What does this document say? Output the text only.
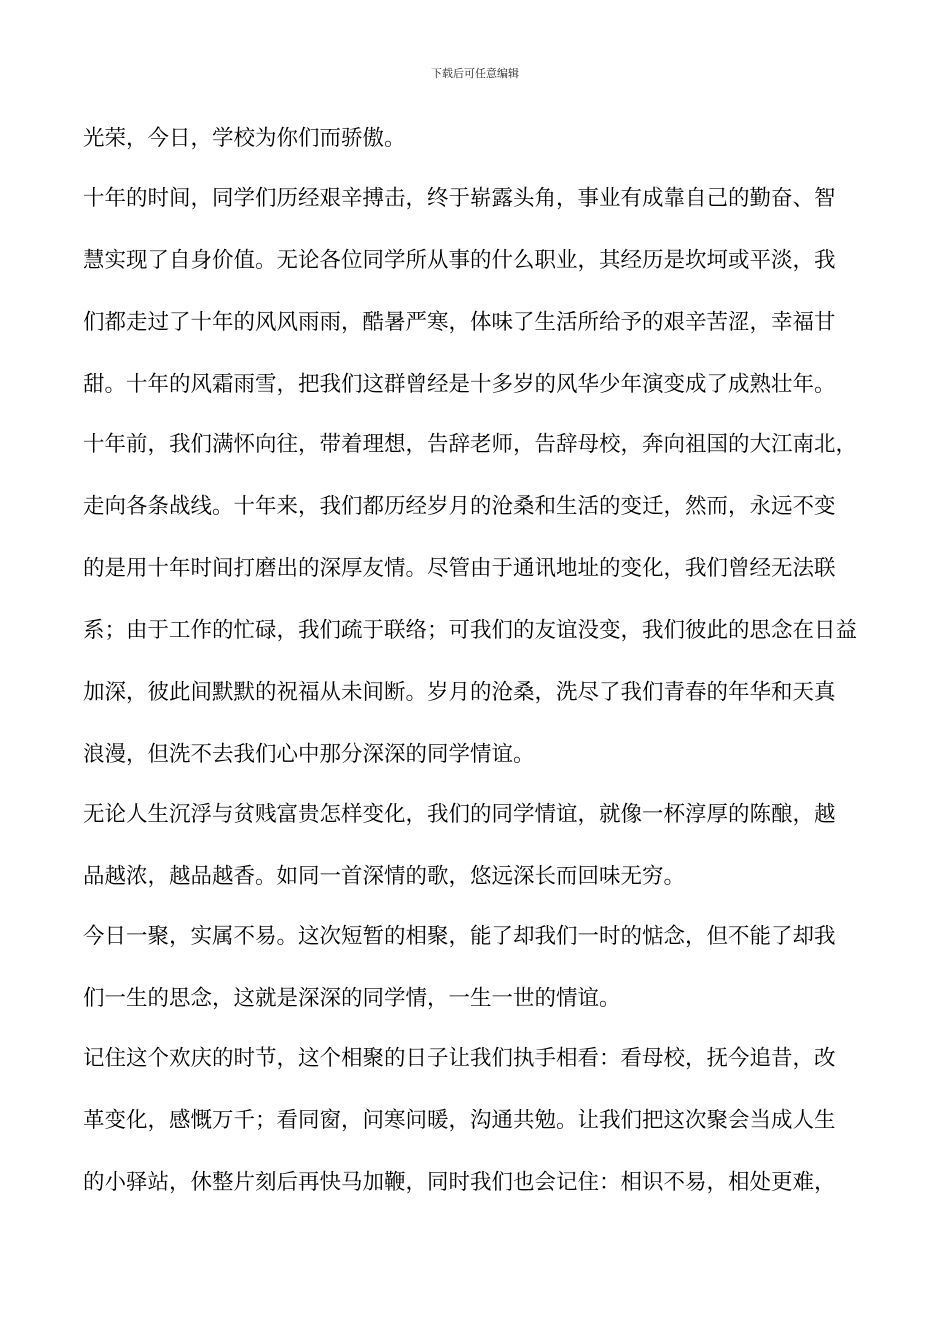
下载后可任意编辑
光荣，今日，学校为你们而骄傲。
十年的时间，同学们历经艰辛搏击，终于崭露头角，事业有成靠自己的勤奋、智
慧实现了自身价值。无论各位同学所从事的什么职业，其经历是坎坷或平淡，我
们都走过了十年的风风雨雨，酷暑严寒，体味了生活所给予的艰辛苦涩，幸福甘
甜。十年的风霜雨雪，把我们这群曾经是十多岁的风华少年演变成了成熟壮年。
十年前，我们满怀向往，带着理想，告辞老师，告辞母校，奔向祖国的大江南北，
走向各条战线。十年来，我们都历经岁月的沧桑和生活的变迁，然而，永远不变
的是用十年时间打磨出的深厚友情。尽管由于通讯地址的变化，我们曾经无法联
系；由于工作的忙碌，我们疏于联络；可我们的友谊没变，我们彼此的思念在日益
加深，彼此间默默的祝福从未间断。岁月的沧桑，洗尽了我们青春的年华和天真
浪漫，但洗不去我们心中那分深深的同学情谊。
无论人生沉浮与贫贱富贵怎样变化，我们的同学情谊，就像一杯淳厚的陈酿，越
品越浓，越品越香。如同一首深情的歌，悠远深长而回味无穷。
今日一聚，实属不易。这次短暂的相聚，能了却我们一时的惦念，但不能了却我
们一生的思念，这就是深深的同学情，一生一世的情谊。
记住这个欢庆的时节，这个相聚的日子让我们执手相看：看母校，抚今追昔，改
革变化，感慨万千；看同窗，问寒问暖，沟通共勉。让我们把这次聚会当成人生
的小驿站，休整片刻后再快马加鞭，同时我们也会记住：相识不易，相处更难，
